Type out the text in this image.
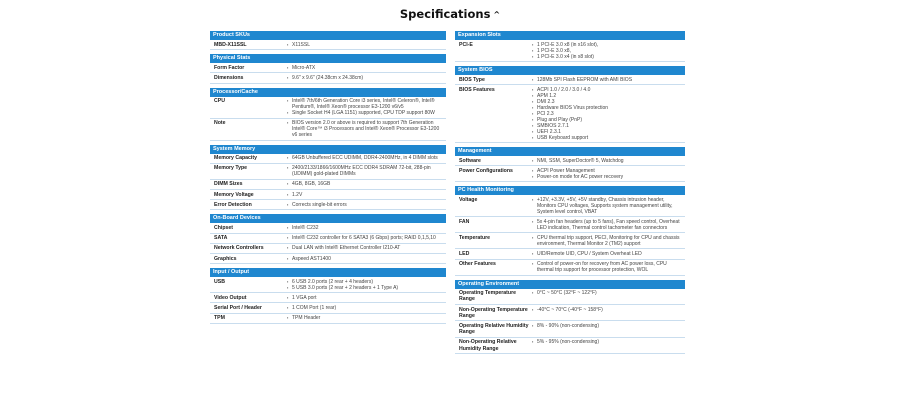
Specifications ^
Product SKUs
MBD-X11SSL	▪ X11SSL
Physical Stats
Form Factor	▪ Micro-ATX
Dimensions	▪ 9.6" x 9.6" (24.38cm x 24.38cm)
Processor/Cache
CPU	▪ Intel® 7th/6th Generation Core i3 series, Intel® Celeron®, Intel® Pentium®, Intel® Xeon® processor E3-1200 v6/v5
▪ Single Socket H4 (LGA 1151) supported, CPU TDP support 80W
Note	▪ BIOS version 2.0 or above is required to support 7th Generation Intel® Core™ i3 Processors and Intel® Xeon® Processor E3-1200 v6 series
System Memory
Memory Capacity	▪ 64GB Unbuffered ECC UDIMM, DDR4-2400MHz, in 4 DIMM slots
Memory Type	▪ 2400/2133/1866/1600MHz ECC DDR4 SDRAM 72-bit, 288-pin (UDIMM) gold-plated DIMMs
DIMM Sizes	▪ 4GB, 8GB, 16GB
Memory Voltage	▪ 1.2V
Error Detection	▪ Corrects single-bit errors
On-Board Devices
Chipset	▪ Intel® C232
SATA	▪ Intel® C232 controller for 6 SATA3 (6 Gbps) ports; RAID 0,1,5,10
Network Controllers	▪ Dual LAN with Intel® Ethernet Controller I210-AT
Graphics	▪ Aspeed AST1400
Input / Output
USB	▪ 6 USB 2.0 ports (2 rear + 4 headers)
▪ 5 USB 3.0 ports (2 rear + 2 headers + 1 Type A)
Video Output	▪ 1 VGA port
Serial Port / Header	▪ 1 COM Port (1 rear)
TPM	▪ TPM Header
Expansion Slots
PCI-E	▪ 1 PCI-E 3.0 x8 (in x16 slot),
▪ 1 PCI-E 3.0 x8,
▪ 1 PCI-E 3.0 x4 (in x8 slot)
System BIOS
BIOS Type	▪ 128Mb SPI Flash EEPROM with AMI BIOS
BIOS Features	▪ ACPI 1.0 / 2.0 / 3.0 / 4.0
▪ APM 1.2
▪ DMI 2.3
▪ Hardware BIOS Virus protection
▪ PCI 2.3
▪ Plug and Play (PnP)
▪ SMBIOS 2.7.1
▪ UEFI 2.3.1
▪ USB Keyboard support
Management
Software	▪ NMI, SSM, SuperDoctor® 5, Watchdog
Power Configurations	▪ ACPI Power Management
▪ Power-on mode for AC power recovery
PC Health Monitoring
Voltage	▪ +12V, +3.3V, +5V, +5V standby, Chassis intrusion header, Monitors CPU voltages, Supports system management utility, System level control, VBAT
FAN	▪ 5x 4-pin fan headers (up to 5 fans), Fan speed control, Overheat LED indication, Thermal control tachometer fan connectors
Temperature	▪ CPU thermal trip support, PECI, Monitoring for CPU and chassis environment, Thermal Monitor 2 (TM2) support
LED	▪ UID/Remote UID, CPU / System Overheat LED
Other Features	▪ Control of power-on for recovery from AC power loss, CPU thermal trip support for processor protection, WOL
Operating Environment
Operating Temperature Range
▪ 0°C ~ 50°C (32°F ~ 122°F)
Non-Operating Temperature Range
▪ -40°C ~ 70°C (-40°F ~ 158°F)
Operating Relative Humidity Range
▪ 8% - 90% (non-condensing)
Non-Operating Relative Humidity Range
▪ 5% - 95% (non-condensing)
